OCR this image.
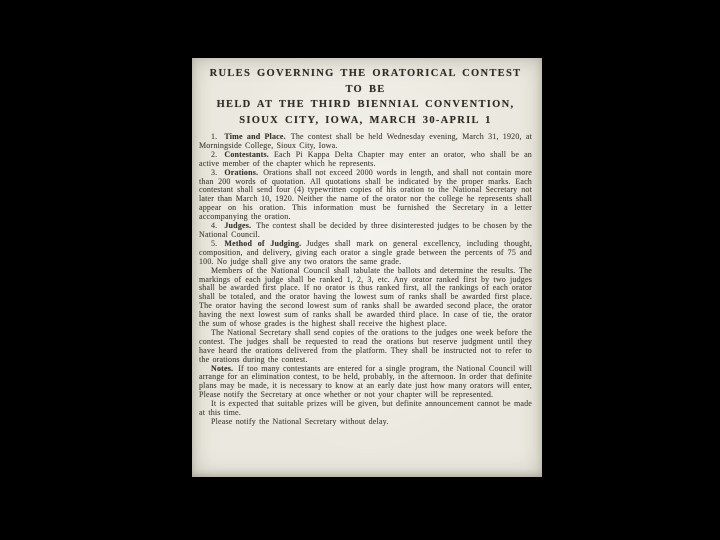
RULES GOVERNING THE ORATORICAL CONTEST TO BE
HELD AT THE THIRD BIENNIAL CONVENTION,
SIOUX CITY, IOWA, MARCH 30-APRIL 1

1. Time and Place. The contest shall be held Wednesday evening, March 31, 1920, at Morningside College, Sioux City, Iowa.

2. Contestants. Each Pi Kappa Delta Chapter may enter an orator, who shall be an active member of the chapter which he represents.

3. Orations. Orations shall not exceed 2000 words in length, and shall not contain more than 200 words of quotation. All quotations shall be indicated by the proper marks. Each contestant shall send four (4) typewritten copies of his oration to the National Secretary not later than March 10, 1920. Neither the name of the orator nor the college he represents shall appear on his oration. This information must be furnished the Secretary in a letter accompanying the oration.

4. Judges. The contest shall be decided by three disinterested judges to be chosen by the National Council.

5. Method of Judging. Judges shall mark on general excellency, including thought, composition, and delivery, giving each orator a single grade between the percents of 75 and 100. No judge shall give any two orators the same grade.

Members of the National Council shall tabulate the ballots and determine the results. The markings of each judge shall be ranked 1, 2, 3, etc. Any orator ranked first by two judges shall be awarded first place. If no orator is thus ranked first, all the rankings of each orator shall be totaled, and the orator having the lowest sum of ranks shall be awarded first place. The orator having the second lowest sum of ranks shall be awarded second place, the orator having the next lowest sum of ranks shall be awarded third place. In case of tie, the orator the sum of whose grades is the highest shall receive the highest place.

The National Secretary shall send copies of the orations to the judges one week before the contest. The judges shall be requested to read the orations but reserve judgment until they have heard the orations delivered from the platform. They shall be instructed not to refer to the orations during the contest.

Notes. If too many contestants are entered for a single program, the National Council will arrange for an elimination contest, to be held, probably, in the afternoon. In order that definite plans may be made, it is necessary to know at an early date just how many orators will enter, Please notify the Secretary at once whether or not your chapter will be represented.

It is expected that suitable prizes will be given, but definite announcement cannot be made at this time.

Please notify the National Secretary without delay.
